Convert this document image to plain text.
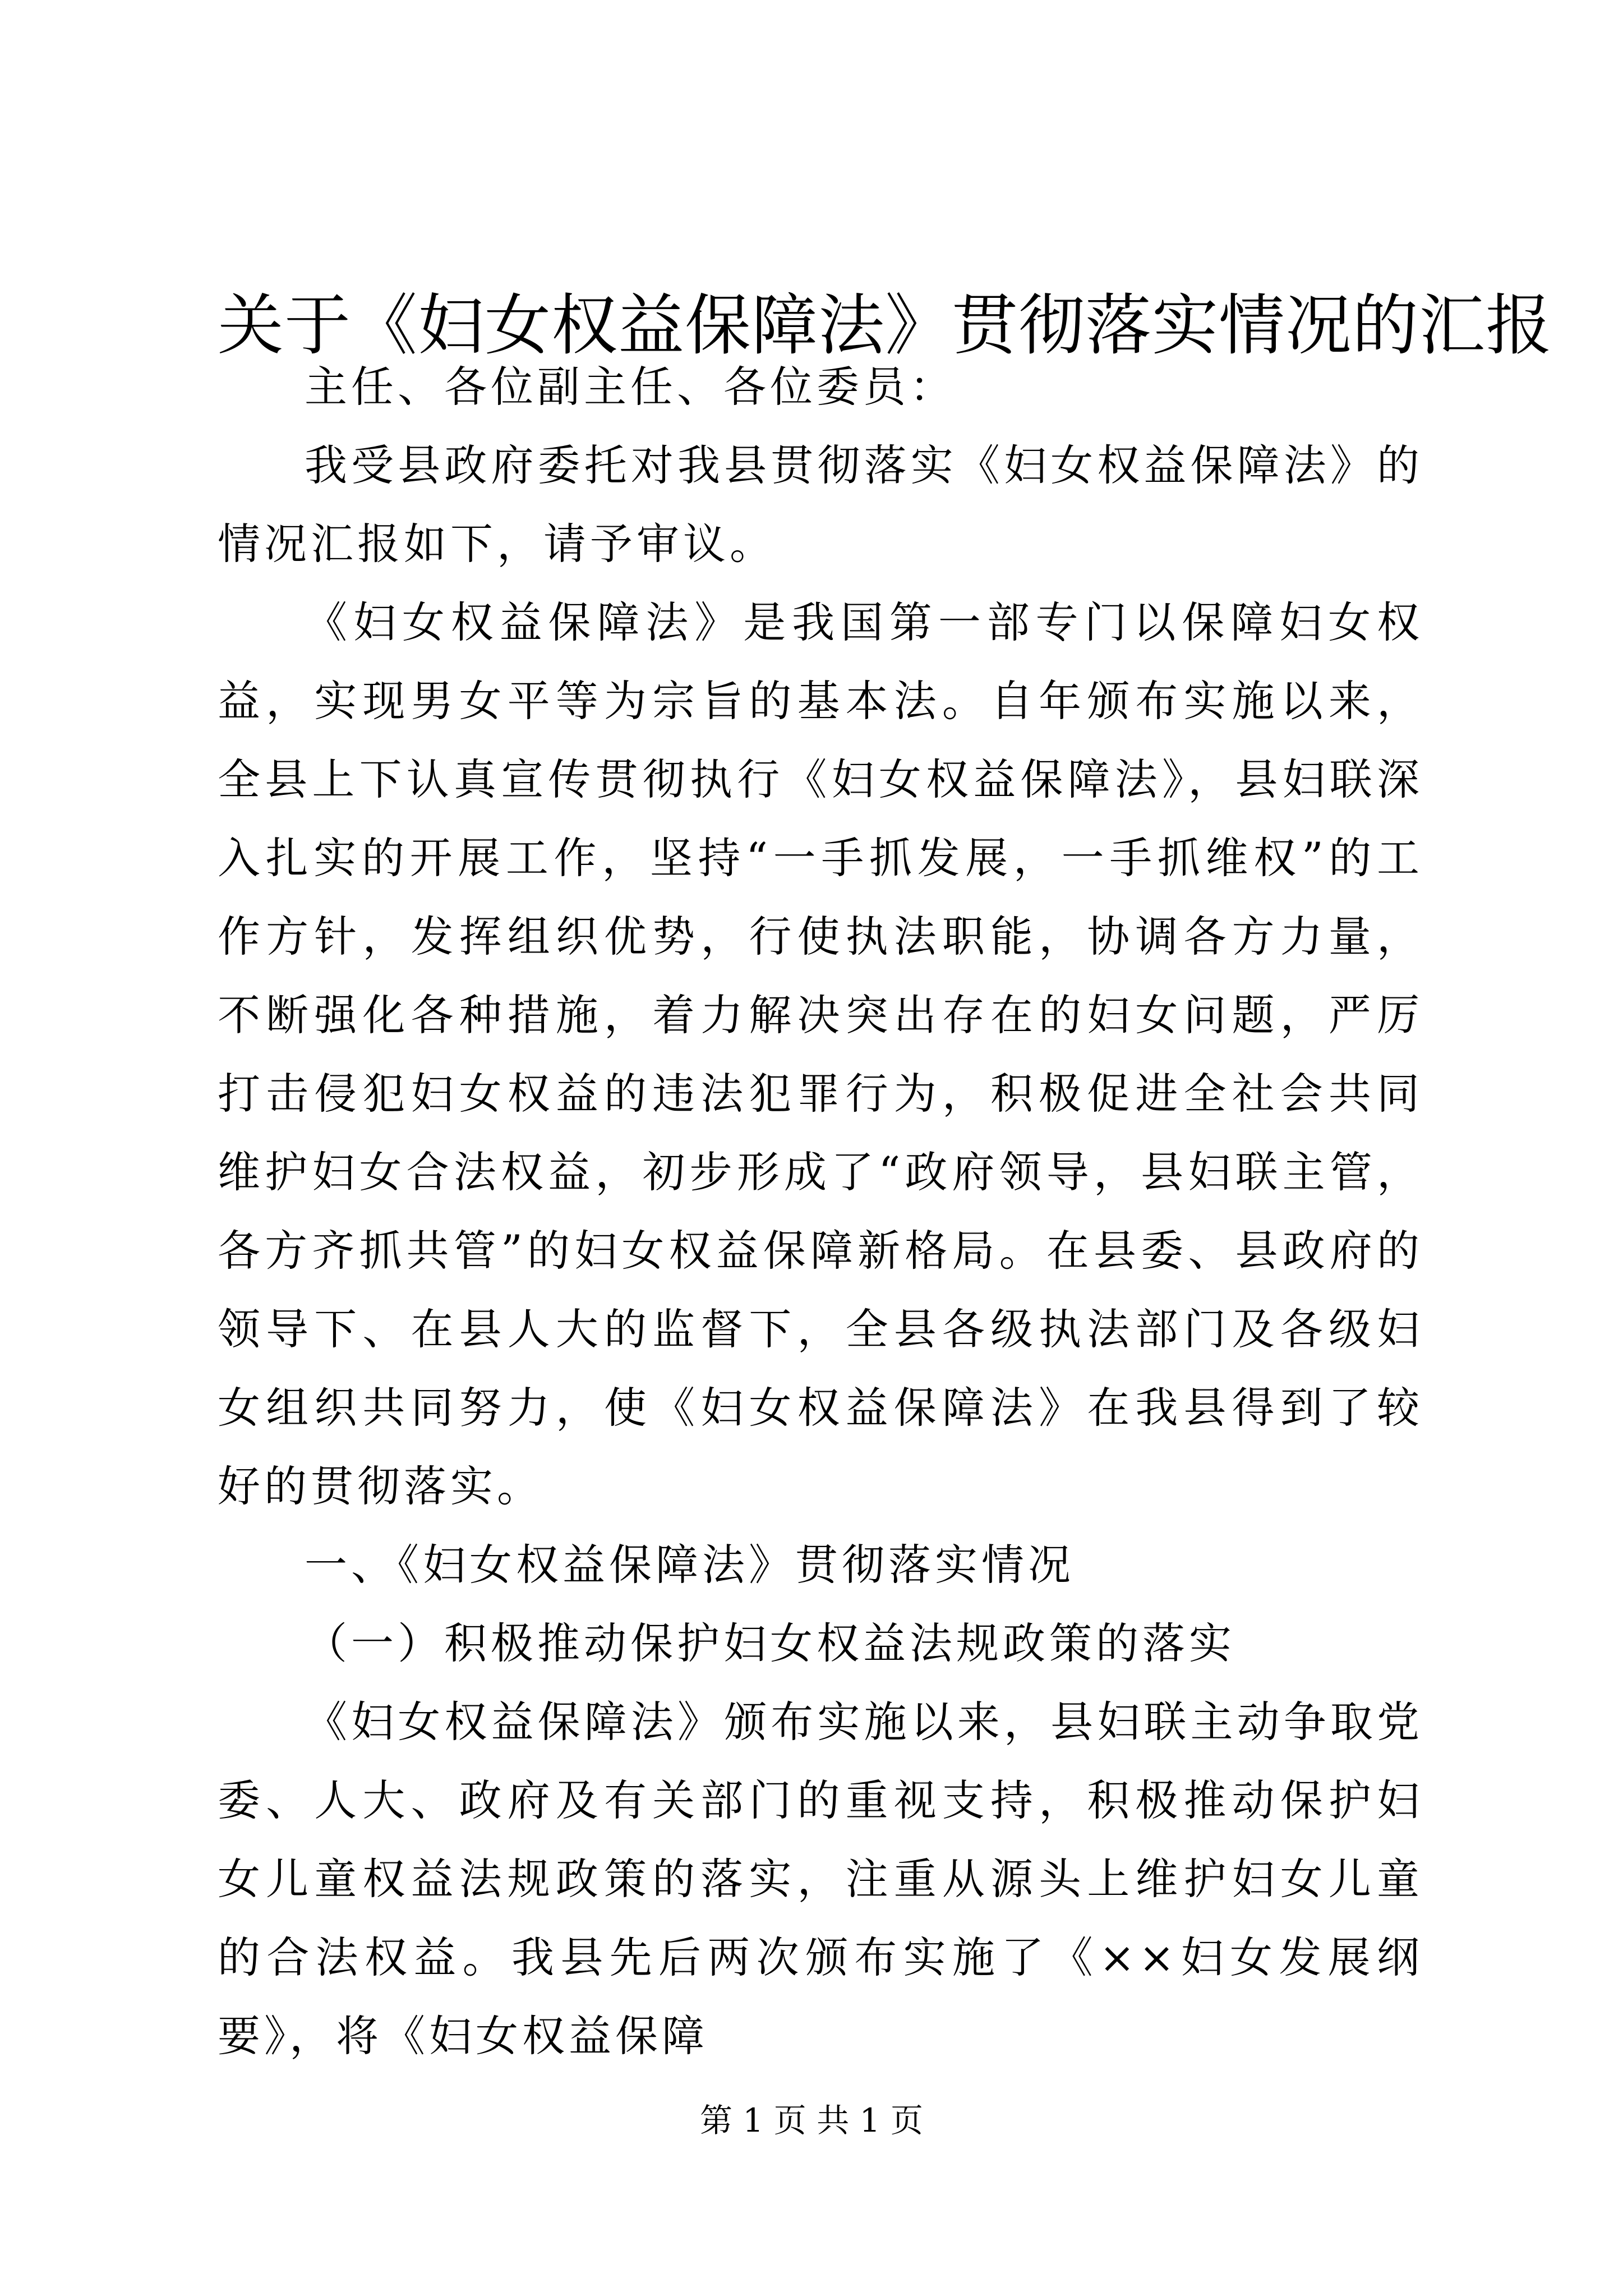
关于《妇女权益保障法》贯彻落实情况的汇报

主任、各位副主任、各位委员：

我受县政府委托对我县贯彻落实《妇女权益保障法》的情况汇报如下，请予审议。

《妇女权益保障法》是我国第一部专门以保障妇女权益，实现男女平等为宗旨的基本法。自年颁布实施以来，全县上下认真宣传贯彻执行《妇女权益保障法》，县妇联深入扎实的开展工作，坚持“一手抓发展，一手抓维权”的工作方针，发挥组织优势，行使执法职能，协调各方力量，不断强化各种措施，着力解决突出存在的妇女问题，严厉打击侵犯妇女权益的违法犯罪行为，积极促进全社会共同维护妇女合法权益，初步形成了“政府领导，县妇联主管，各方齐抓共管”的妇女权益保障新格局。在县委、县政府的领导下、在县人大的监督下，全县各级执法部门及各级妇女组织共同努力，使《妇女权益保障法》在我县得到了较好的贯彻落实。

一、《妇女权益保障法》贯彻落实情况

（一）积极推动保护妇女权益法规政策的落实

《妇女权益保障法》颁布实施以来，县妇联主动争取党委、人大、政府及有关部门的重视支持，积极推动保护妇女儿童权益法规政策的落实，注重从源头上维护妇女儿童的合法权益。我县先后两次颁布实施了《××妇女发展纲要》，将《妇女权益保障

第 1 页 共 1 页
